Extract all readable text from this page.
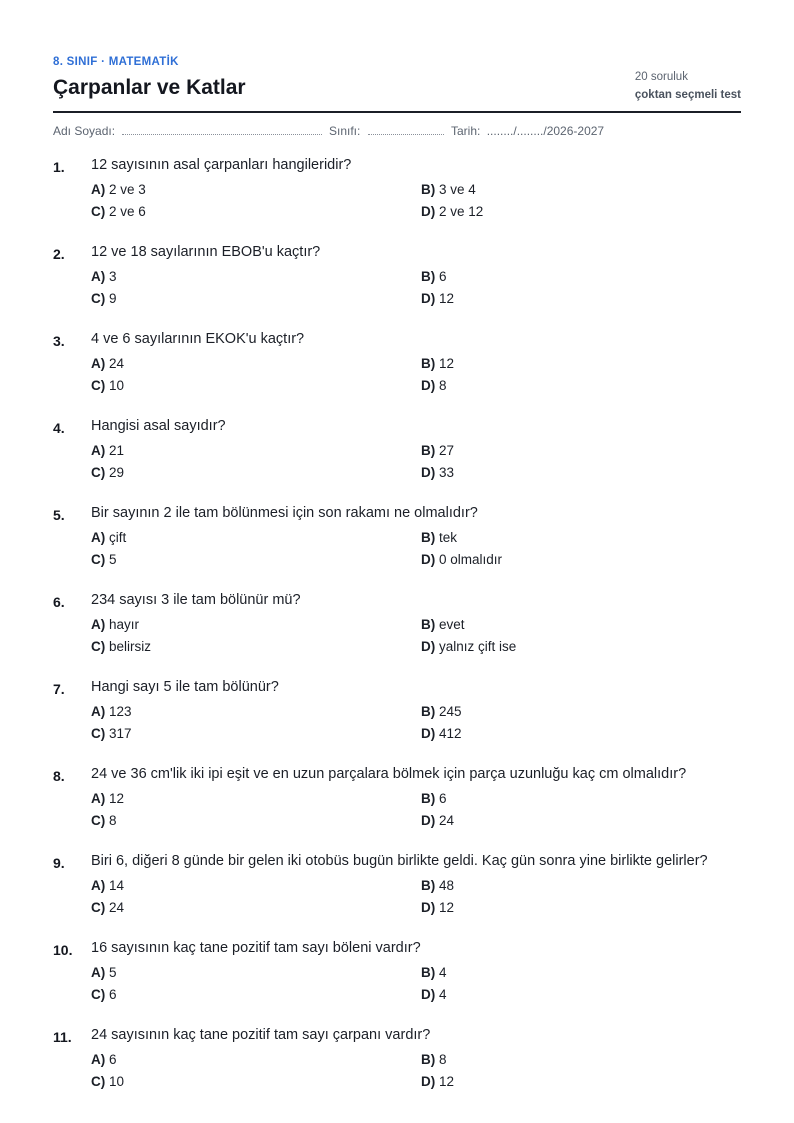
8. SINIF · MATEMATİK
Çarpanlar ve Katlar	20 soruluk
çoktan seçmeli test
Adı Soyadı:	Sınıfı:	Tarih: ......../......../2026-2027
1. 12 sayısının asal çarpanları hangileridir?
A) 2 ve 3	B) 3 ve 4
C) 2 ve 6	D) 2 ve 12
2. 12 ve 18 sayılarının EBOB'u kaçtır?
A) 3	B) 6
C) 9	D) 12
3. 4 ve 6 sayılarının EKOK'u kaçtır?
A) 24	B) 12
C) 10	D) 8
4. Hangisi asal sayıdır?
A) 21	B) 27
C) 29	D) 33
5. Bir sayının 2 ile tam bölünmesi için son rakamı ne olmalıdır?
A) çift	B) tek
C) 5	D) 0 olmalıdır
6. 234 sayısı 3 ile tam bölünür mü?
A) hayır	B) evet
C) belirsiz	D) yalnız çift ise
7. Hangi sayı 5 ile tam bölünür?
A) 123	B) 245
C) 317	D) 412
8. 24 ve 36 cm'lik iki ipi eşit ve en uzun parçalara bölmek için parça uzunluğu kaç cm olmalıdır?
A) 12	B) 6
C) 8	D) 24
9. Biri 6, diğeri 8 günde bir gelen iki otobüs bugün birlikte geldi. Kaç gün sonra yine birlikte gelirler?
A) 14	B) 48
C) 24	D) 12
10. 16 sayısının kaç tane pozitif tam sayı böleni vardır?
A) 5	B) 4
C) 6	D) 4
11. 24 sayısının kaç tane pozitif tam sayı çarpanı vardır?
A) 6	B) 8
C) 10	D) 12
